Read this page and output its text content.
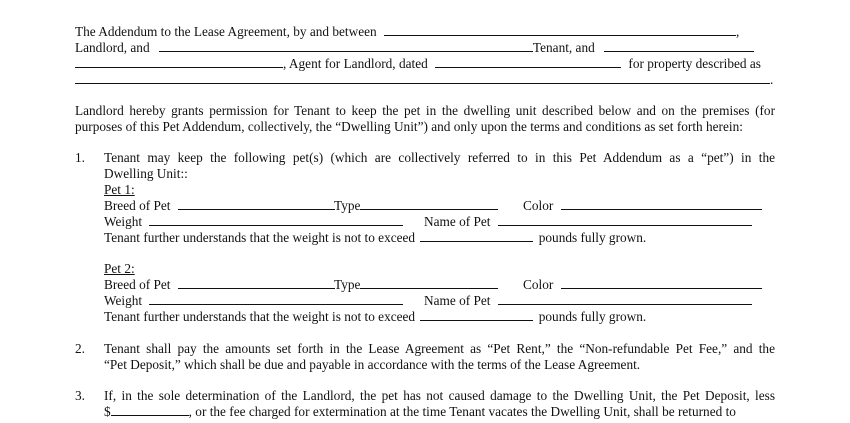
The Addendum to the Lease Agreement, by and between	,
Landlord, and	Tenant, and
, Agent for Landlord, dated	for property described as
.
Landlord hereby grants permission for Tenant to keep the pet in the dwelling unit described below and on the premises (for
purposes of this Pet Addendum, collectively, the “Dwelling Unit”) and only upon the terms and conditions as set forth herein:
1.	Tenant may keep the following pet(s) (which are collectively referred to in this Pet Addendum as a “pet”) in the
Dwelling Unit::
Pet 1:
Breed of Pet	Type	Color
Weight	Name of Pet
Tenant further understands that the weight is not to exceed	pounds fully grown.
Pet 2:
Breed of Pet	Type	Color
Weight	Name of Pet
Tenant further understands that the weight is not to exceed	pounds fully grown.
2.	Tenant shall pay the amounts set forth in the Lease Agreement as “Pet Rent,” the “Non-refundable Pet Fee,” and the
“Pet Deposit,” which shall be due and payable in accordance with the terms of the Lease Agreement.
3.	If, in the sole determination of the Landlord, the pet has not caused damage to the Dwelling Unit, the Pet Deposit, less
$	, or the fee charged for extermination at the time Tenant vacates the Dwelling Unit, shall be returned to
